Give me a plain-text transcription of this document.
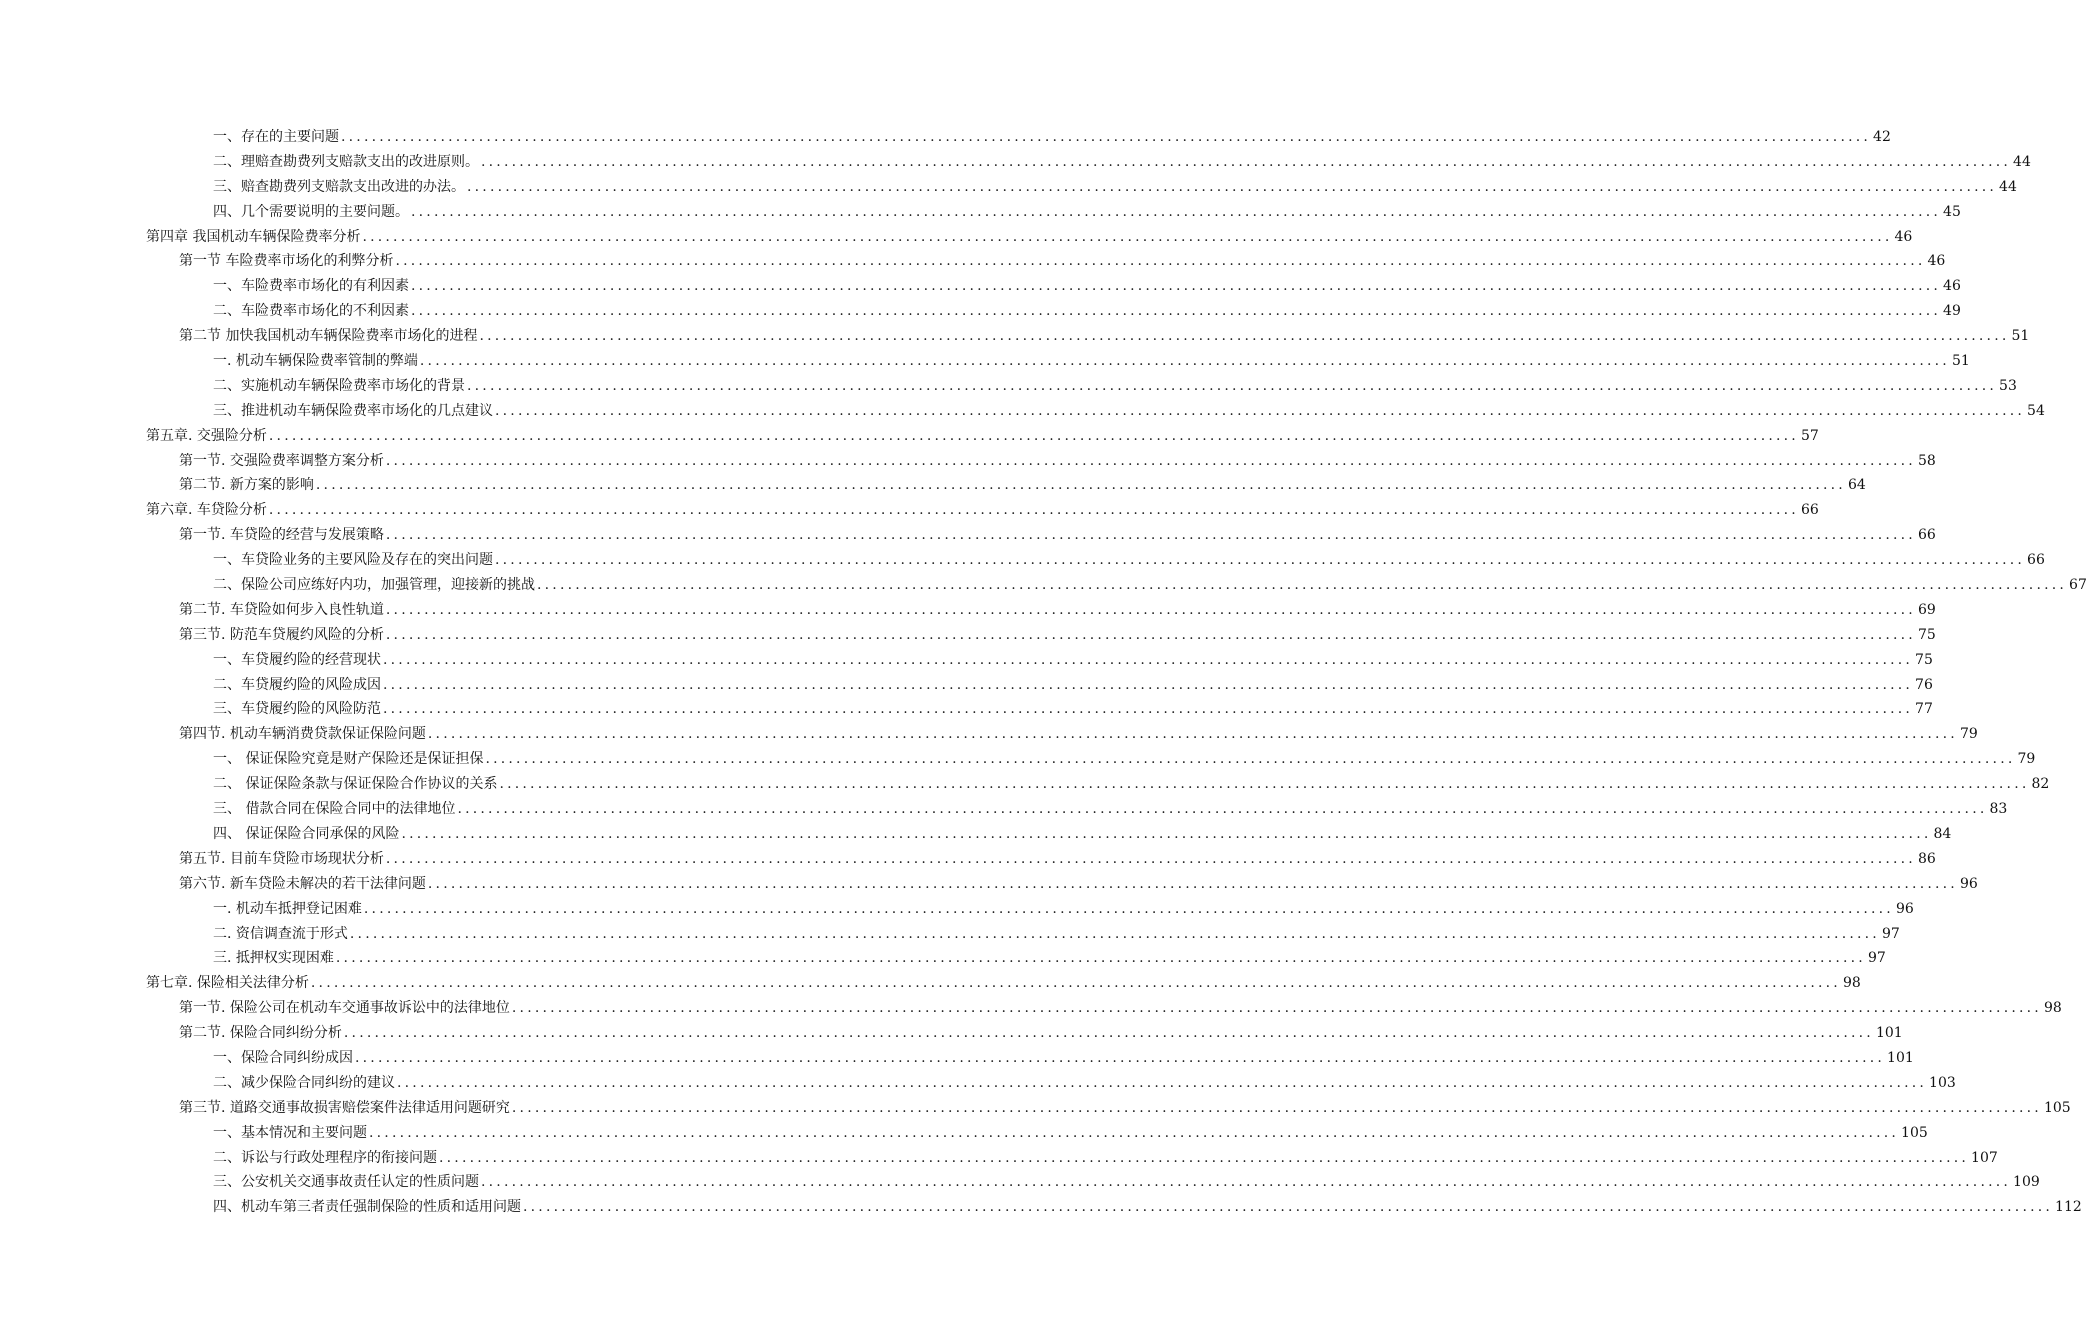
一、存在的主要问题 ........................................................................................................................................................................................................ 42
二、理赔查勘费列支赔款支出的改进原则。 ........................................................................................................................................................................................................ 44
三、赔查勘费列支赔款支出改进的办法。 ........................................................................................................................................................................................................ 44
四、几个需要说明的主要问题。 ........................................................................................................................................................................................................ 45
第四章 我国机动车辆保险费率分析 ........................................................................................................................................................................................................ 46
第一节 车险费率市场化的利弊分析 ........................................................................................................................................................................................................ 46
一、车险费率市场化的有利因素 ........................................................................................................................................................................................................ 46
二、车险费率市场化的不利因素 ........................................................................................................................................................................................................ 49
第二节 加快我国机动车辆保险费率市场化的进程 ........................................................................................................................................................................................................ 51
一. 机动车辆保险费率管制的弊端 ........................................................................................................................................................................................................ 51
二、实施机动车辆保险费率市场化的背景 ........................................................................................................................................................................................................ 53
三、推进机动车辆保险费率市场化的几点建议 ........................................................................................................................................................................................................ 54
第五章. 交强险分析 ........................................................................................................................................................................................................ 57
第一节. 交强险费率调整方案分析 ........................................................................................................................................................................................................ 58
第二节. 新方案的影响 ........................................................................................................................................................................................................ 64
第六章. 车贷险分析 ........................................................................................................................................................................................................ 66
第一节. 车贷险的经营与发展策略 ........................................................................................................................................................................................................ 66
一、车贷险业务的主要风险及存在的突出问题 ........................................................................................................................................................................................................ 66
二、保险公司应练好内功，加强管理，迎接新的挑战 ........................................................................................................................................................................................................ 67
第二节. 车贷险如何步入良性轨道 ........................................................................................................................................................................................................ 69
第三节. 防范车贷履约风险的分析 ........................................................................................................................................................................................................ 75
一、车贷履约险的经营现状 ........................................................................................................................................................................................................ 75
二、车贷履约险的风险成因 ........................................................................................................................................................................................................ 76
三、车贷履约险的风险防范 ........................................................................................................................................................................................................ 77
第四节. 机动车辆消费贷款保证保险问题 ........................................................................................................................................................................................................ 79
一、 保证保险究竟是财产保险还是保证担保 ........................................................................................................................................................................................................ 79
二、 保证保险条款与保证保险合作协议的关系 ........................................................................................................................................................................................................ 82
三、 借款合同在保险合同中的法律地位 ........................................................................................................................................................................................................ 83
四、 保证保险合同承保的风险 ........................................................................................................................................................................................................ 84
第五节. 目前车贷险市场现状分析 ........................................................................................................................................................................................................ 86
第六节. 新车贷险未解决的若干法律问题 ........................................................................................................................................................................................................ 96
一. 机动车抵押登记困难 ........................................................................................................................................................................................................ 96
二. 资信调查流于形式 ........................................................................................................................................................................................................ 97
三. 抵押权实现困难 ........................................................................................................................................................................................................ 97
第七章. 保险相关法律分析 ........................................................................................................................................................................................................ 98
第一节. 保险公司在机动车交通事故诉讼中的法律地位 ........................................................................................................................................................................................................ 98
第二节. 保险合同纠纷分析 ........................................................................................................................................................................................................ 101
一、保险合同纠纷成因 ........................................................................................................................................................................................................ 101
二、减少保险合同纠纷的建议 ........................................................................................................................................................................................................ 103
第三节. 道路交通事故损害赔偿案件法律适用问题研究 ........................................................................................................................................................................................................ 105
一、基本情况和主要问题 ........................................................................................................................................................................................................ 105
二、诉讼与行政处理程序的衔接问题 ........................................................................................................................................................................................................ 107
三、公安机关交通事故责任认定的性质问题 ........................................................................................................................................................................................................ 109
四、机动车第三者责任强制保险的性质和适用问题 ........................................................................................................................................................................................................ 112
